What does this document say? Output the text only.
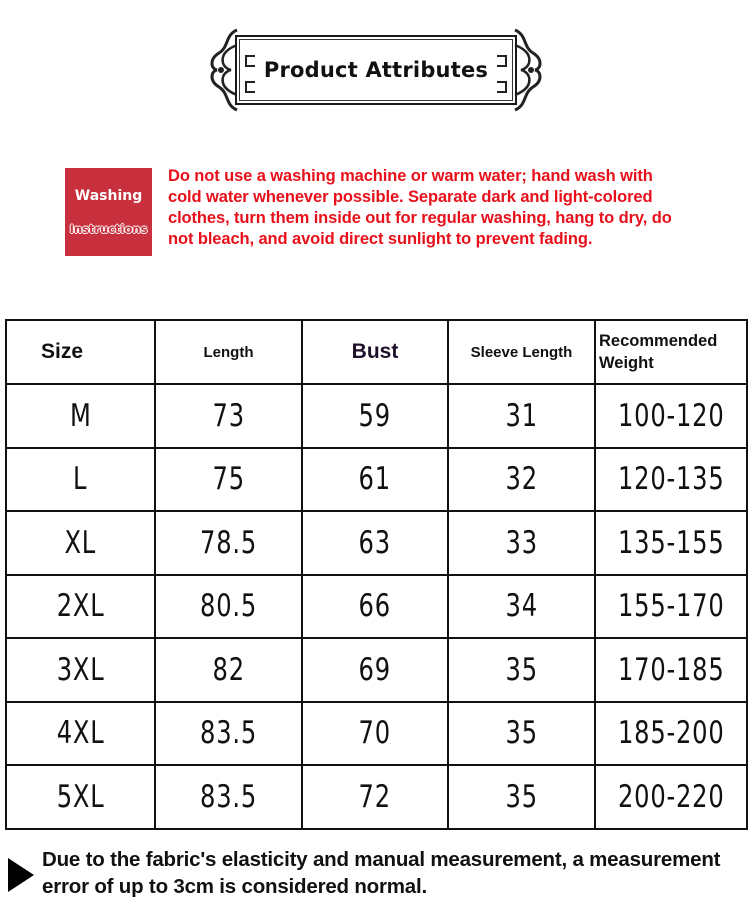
Product Attributes
Washing
Instructions

Do not use a washing machine or warm water; hand wash with cold water whenever possible. Separate dark and light-colored clothes, turn them inside out for regular washing, hang to dry, do not bleach, and avoid direct sunlight to prevent fading.

Size	Length	Bust	Sleeve Length	Recommended Weight
M	73	59	31	100-120
L	75	61	32	120-135
XL	78.5	63	33	135-155
2XL	80.5	66	34	155-170
3XL	82	69	35	170-185
4XL	83.5	70	35	185-200
5XL	83.5	72	35	200-220

Due to the fabric's elasticity and manual measurement, a measurement error of up to 3cm is considered normal.
